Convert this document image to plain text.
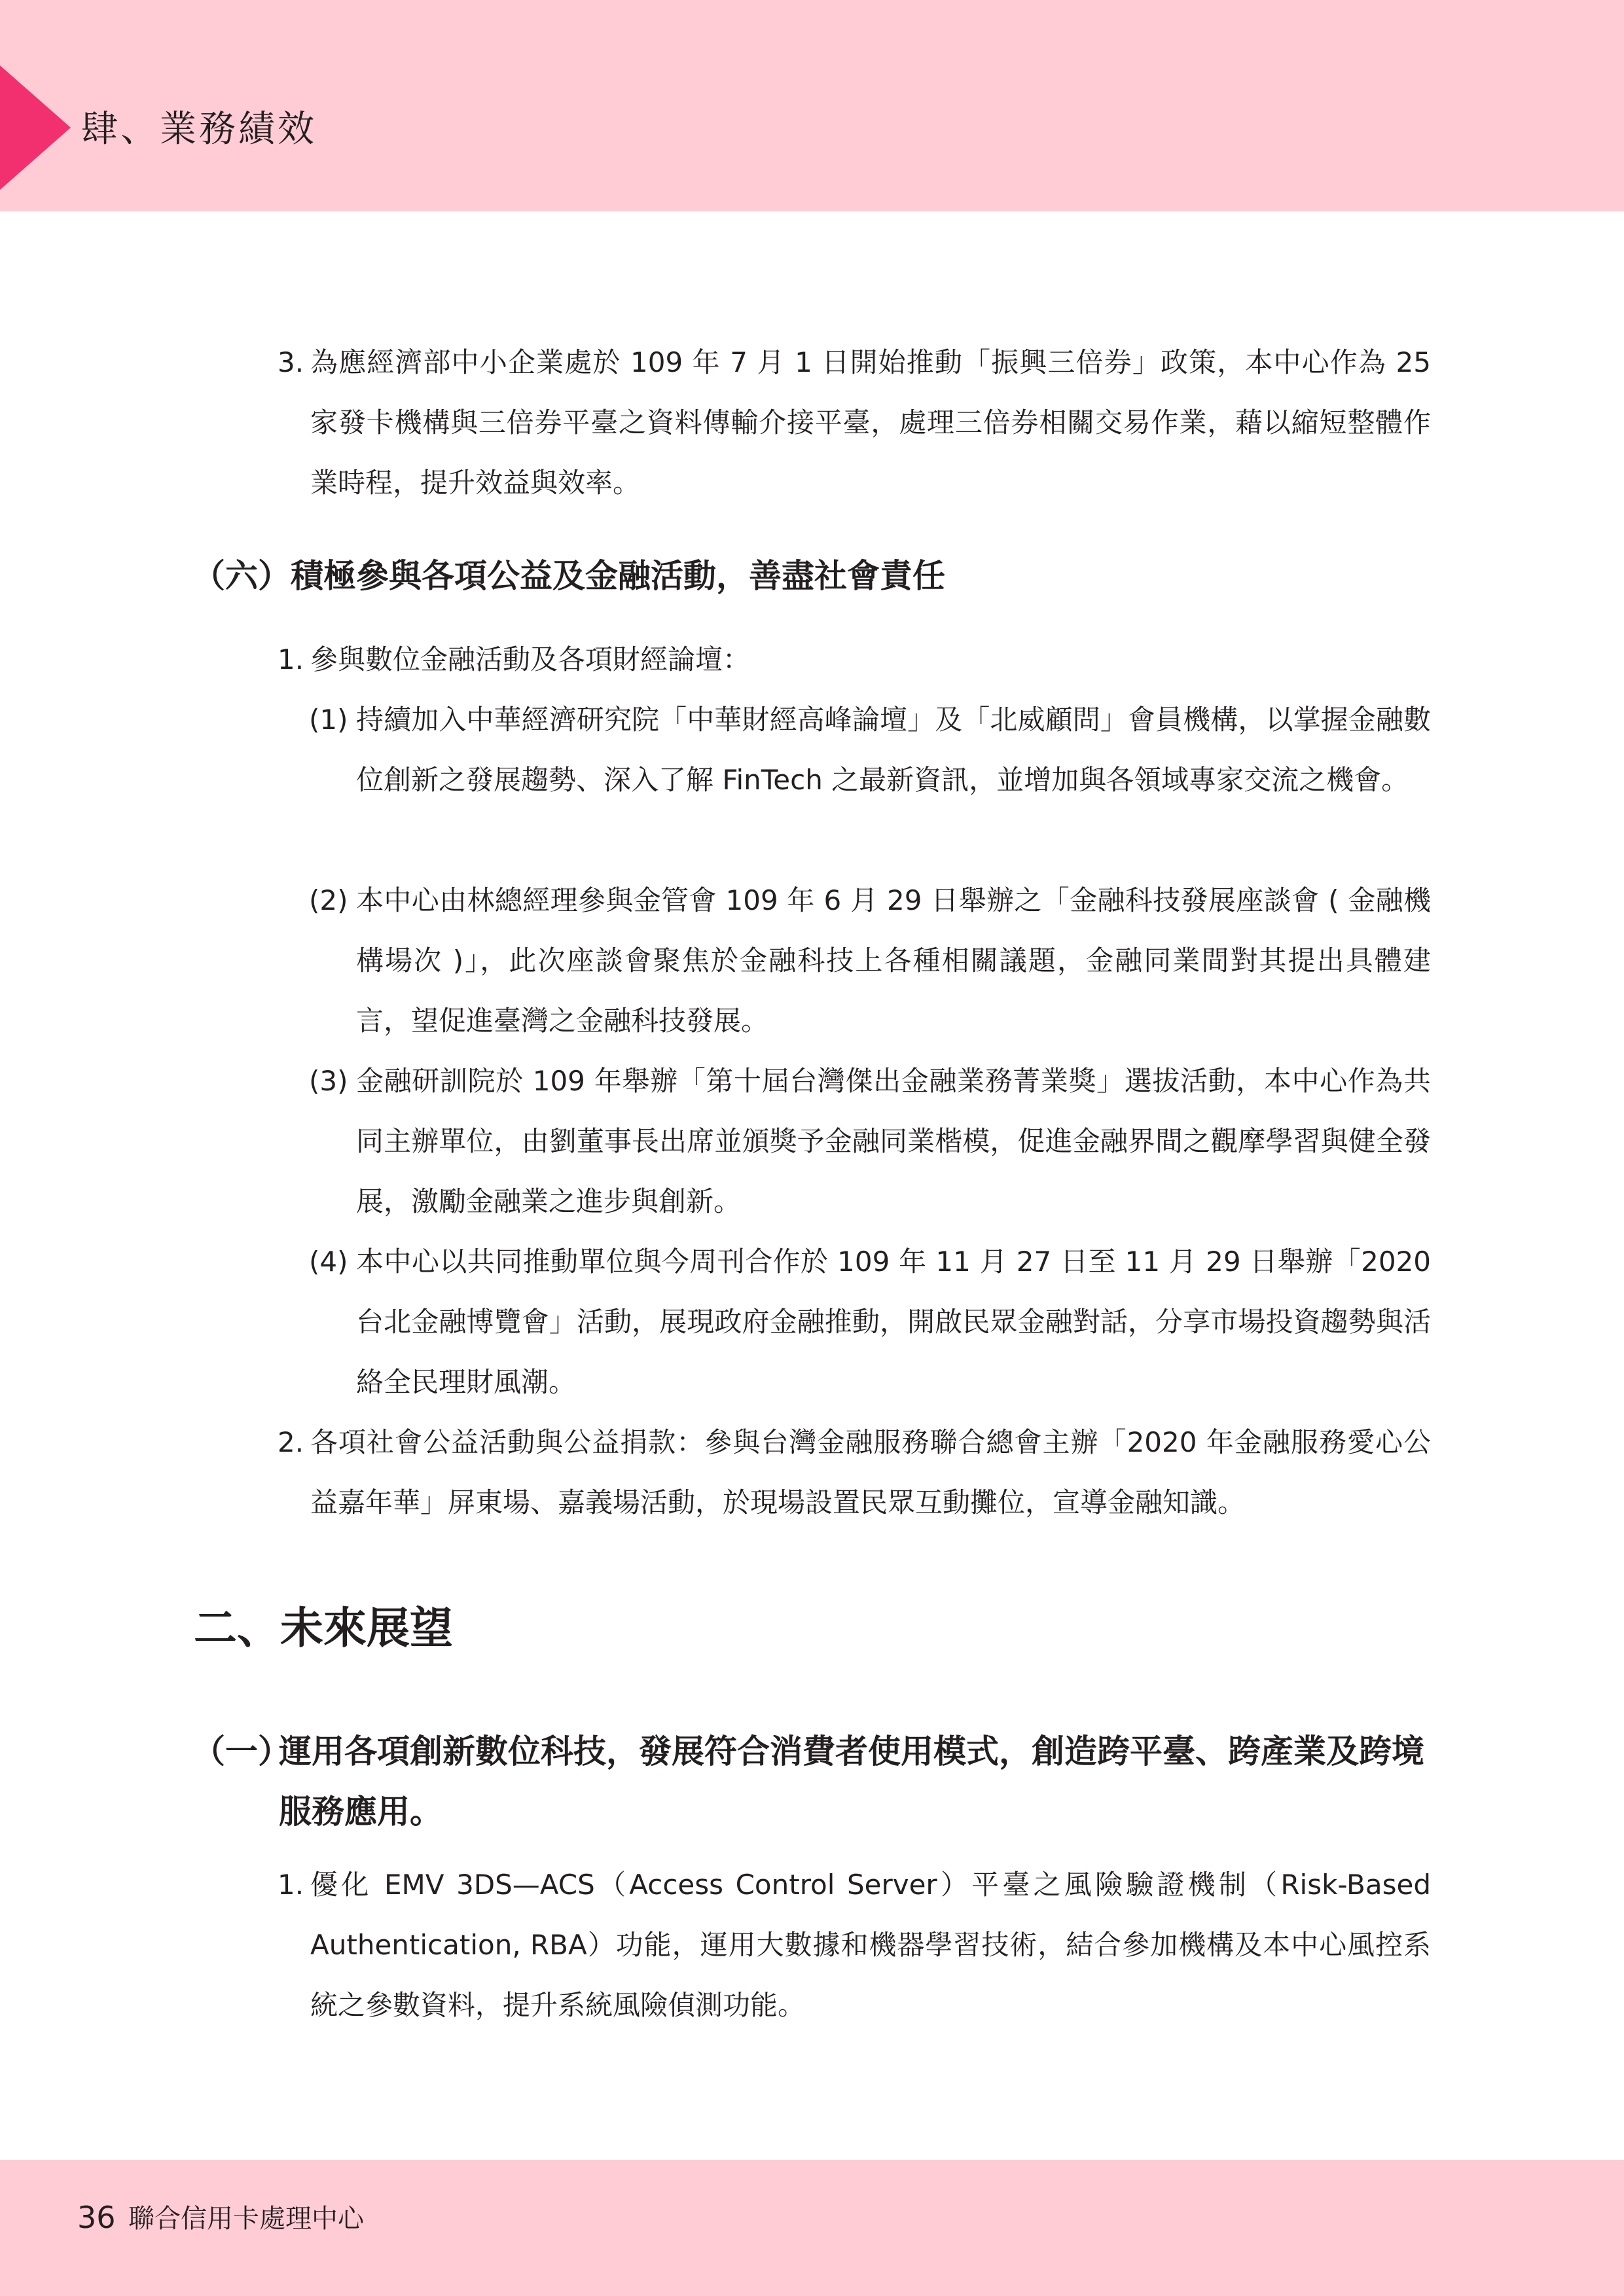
肆、業務績效
3. 為應經濟部中小企業處於 109 年 7 月 1 日開始推動「振興三倍券」政策，本中心作為 25 家發卡機構與三倍券平臺之資料傳輸介接平臺，處理三倍券相關交易作業，藉以縮短整體作業時程，提升效益與效率。
（六） 積極參與各項公益及金融活動，善盡社會責任
1. 參與數位金融活動及各項財經論壇：
(1) 持續加入中華經濟研究院「中華財經高峰論壇」及「北威顧問」會員機構，以掌握金融數位創新之發展趨勢、深入了解 FinTech 之最新資訊，並增加與各領域專家交流之機會。
(2) 本中心由林總經理參與金管會 109 年 6 月 29 日舉辦之「金融科技發展座談會 ( 金融機構場次 )」，此次座談會聚焦於金融科技上各種相關議題，金融同業間對其提出具體建言，望促進臺灣之金融科技發展。
(3) 金融研訓院於 109 年舉辦「第十屆台灣傑出金融業務菁業獎」選拔活動，本中心作為共同主辦單位，由劉董事長出席並頒獎予金融同業楷模，促進金融界間之觀摩學習與健全發展，激勵金融業之進步與創新。
(4) 本中心以共同推動單位與今周刊合作於 109 年 11 月 27 日至 11 月 29 日舉辦「2020 台北金融博覽會」活動，展現政府金融推動，開啟民眾金融對話，分享市場投資趨勢與活絡全民理財風潮。
2. 各項社會公益活動與公益捐款：參與台灣金融服務聯合總會主辦「2020 年金融服務愛心公益嘉年華」屏東場、嘉義場活動，於現場設置民眾互動攤位，宣導金融知識。
二、未來展望
（一）
運用各項創新數位科技，發展符合消費者使用模式，創造跨平臺、跨產業及跨境服務應用。
1. 優化 EMV 3DS—ACS（Access Control Server）平臺之風險驗證機制（Risk-Based Authentication, RBA）功能，運用大數據和機器學習技術，結合參加機構及本中心風控系統之參數資料，提升系統風險偵測功能。
36 聯合信用卡處理中心
